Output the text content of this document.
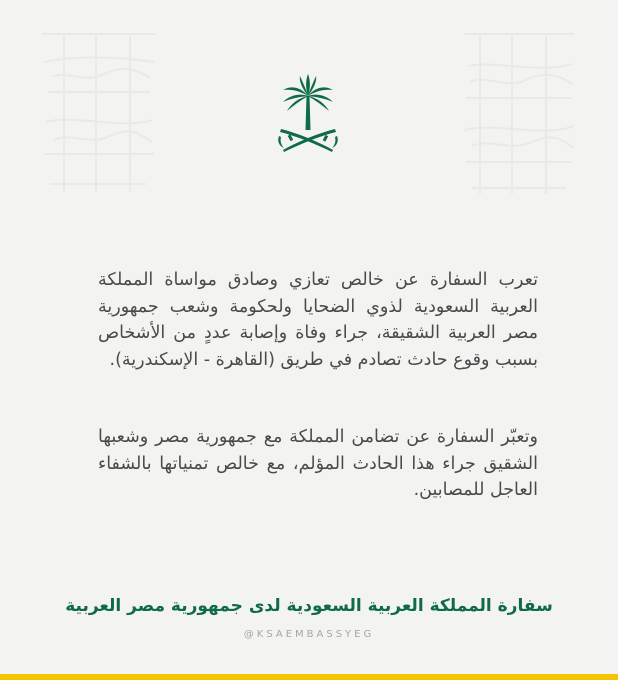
تعرب السفارة عن خالص تعازي وصادق مواساة المملكة العربية السعودية لذوي الضحايا ولحكومة وشعب جمهورية مصر العربية الشقيقة، جراء وفاة وإصابة عددٍ من الأشخاص بسبب وقوع حادث تصادم في طريق (القاهرة - الإسكندرية).

وتعبّر السفارة عن تضامن المملكة مع جمهورية مصر وشعبها الشقيق جراء هذا الحادث المؤلم، مع خالص تمنياتها بالشفاء العاجل للمصابين.

سفارة المملكة العربية السعودية لدى جمهورية مصر العربية
@KSAEMBASSYEG
